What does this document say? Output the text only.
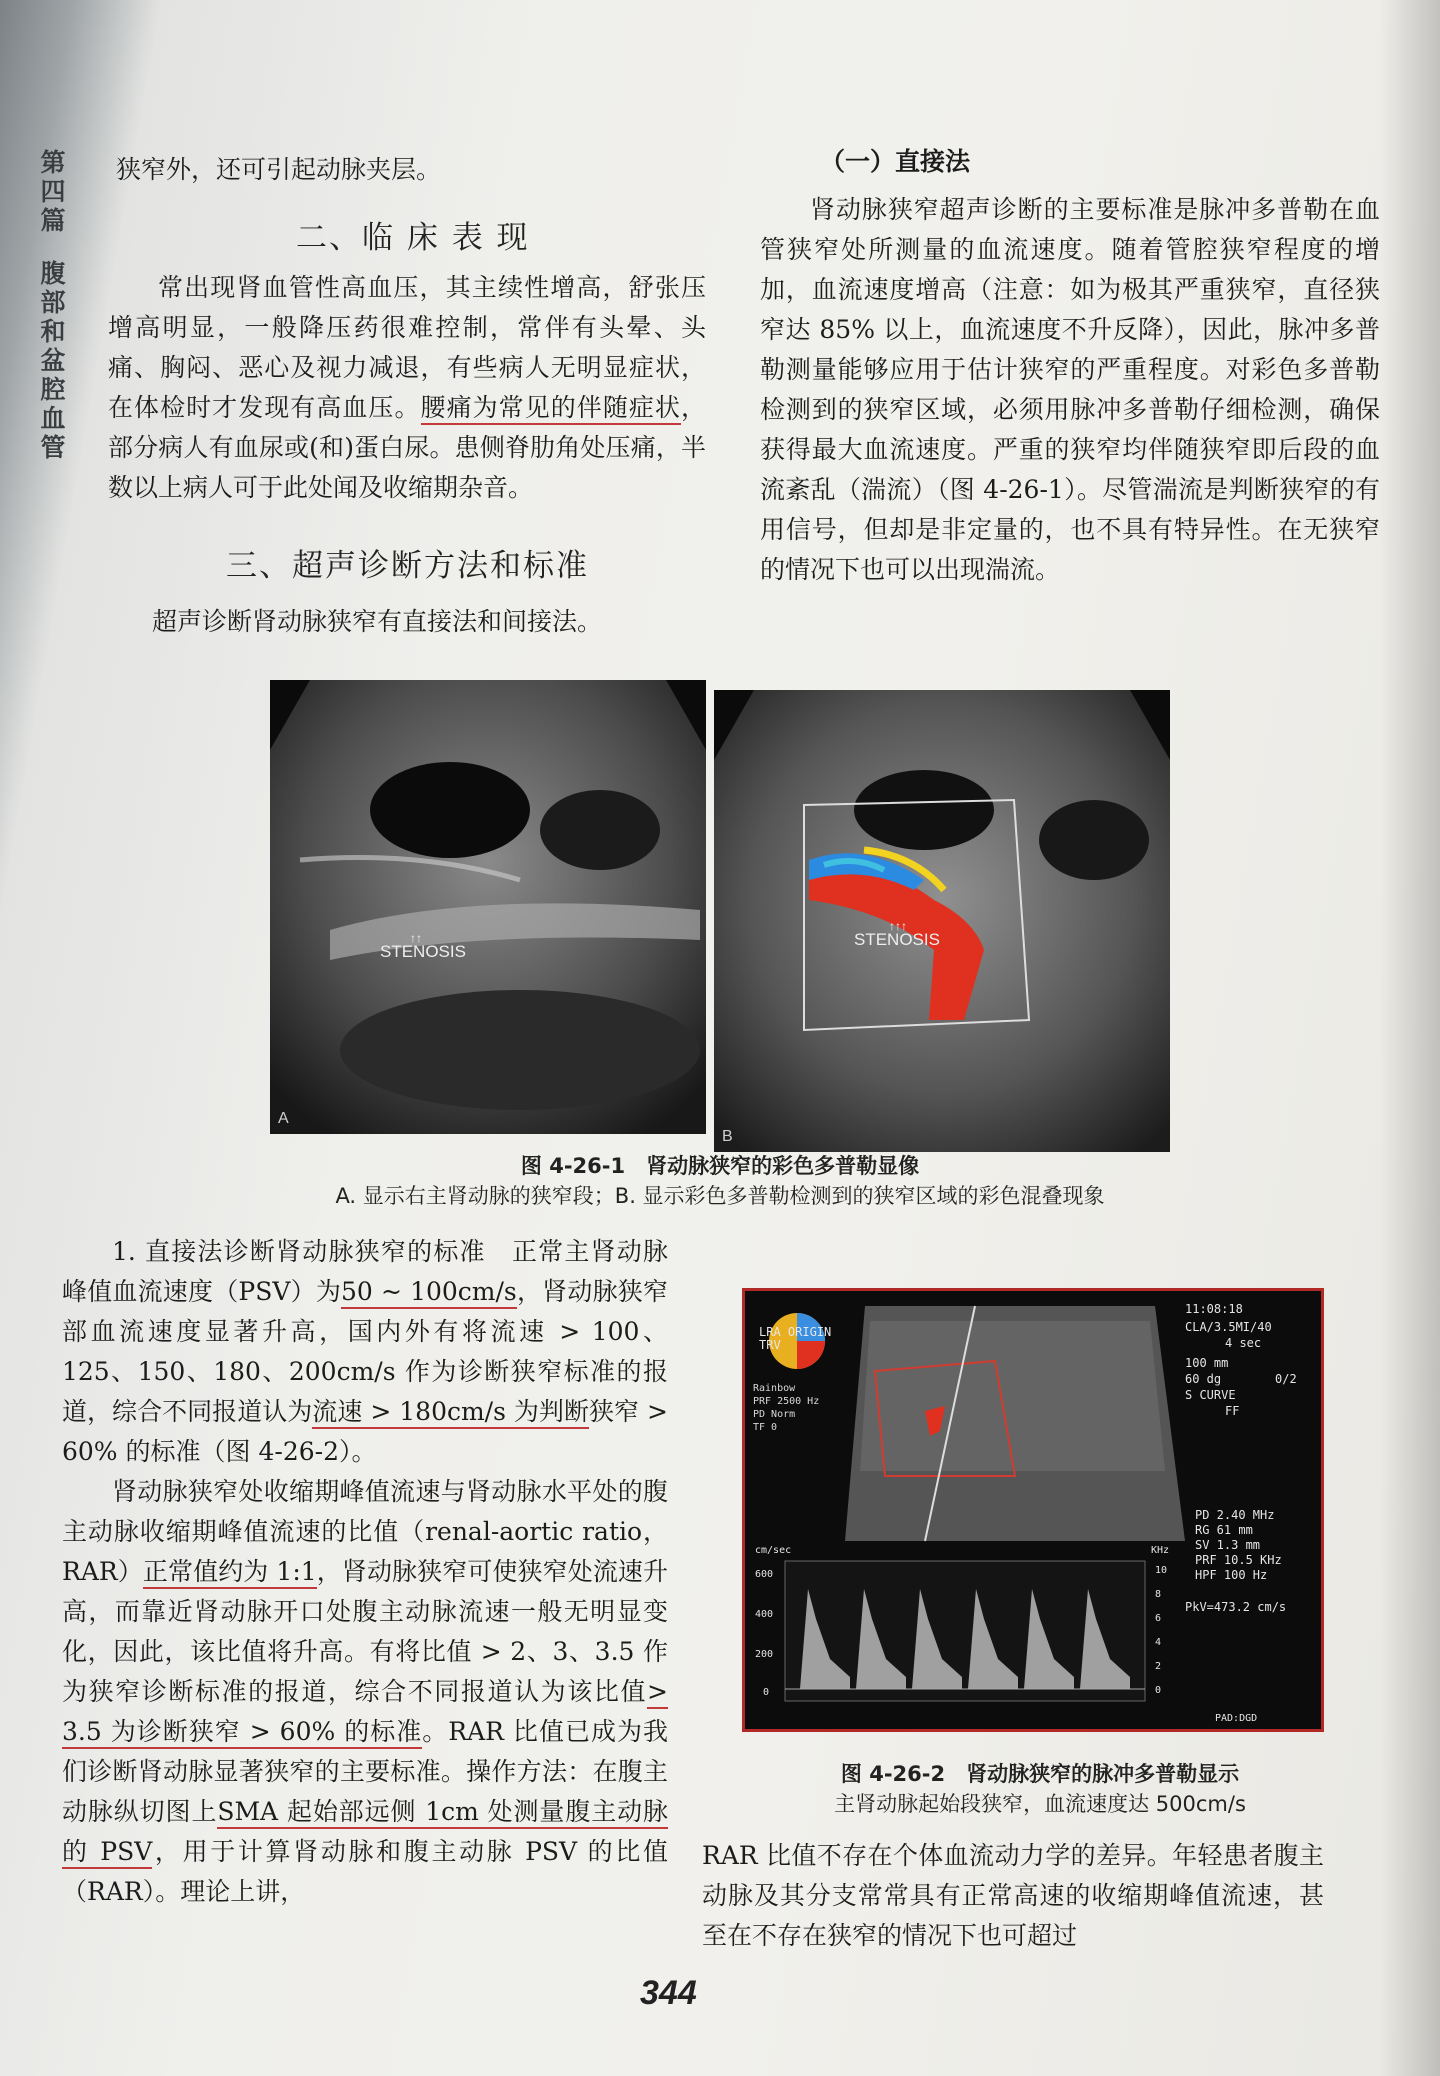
第
四
篇
腹
部
和
盆
腔
血
管
狭窄外，还可引起动脉夹层。
二、临 床 表 现

常出现肾血管性高血压，其主续性增高，舒张压增高明显，一般降压药很难控制，常伴有头晕、头痛、胸闷、恶心及视力减退，有些病人无明显症状，在体检时才发现有高血压。腰痛为常见的伴随症状，部分病人有血尿或(和)蛋白尿。患侧脊肋角处压痛，半数以上病人可于此处闻及收缩期杂音。

三、超声诊断方法和标准
超声诊断肾动脉狭窄有直接法和间接法。
（一）直接法

肾动脉狭窄超声诊断的主要标准是脉冲多普勒在血管狭窄处所测量的血流速度。随着管腔狭窄程度的增加，血流速度增高（注意：如为极其严重狭窄，直径狭窄达 85% 以上，血流速度不升反降），因此，脉冲多普勒测量能够应用于估计狭窄的严重程度。对彩色多普勒检测到的狭窄区域，必须用脉冲多普勒仔细检测，确保获得最大血流速度。严重的狭窄均伴随狭窄即后段的血流紊乱（湍流）（图 4-26-1）。尽管湍流是判断狭窄的有用信号，但却是非定量的，也不具有特异性。在无狭窄的情况下也可以出现湍流。

STENOSIS
↑↑
A
STENOSIS
↑↑↑
B
图 4-26-1　肾动脉狭窄的彩色多普勒显像
A. 显示右主肾动脉的狭窄段；B. 显示彩色多普勒检测到的狭窄区域的彩色混叠现象

1. 直接法诊断肾动脉狭窄的标准　正常主肾动脉峰值血流速度（PSV）为50 ~ 100cm/s，肾动脉狭窄部血流速度显著升高，国内外有将流速 > 100、125、150、180、200cm/s 作为诊断狭窄标准的报道，综合不同报道认为流速 > 180cm/s 为判断狭窄 > 60% 的标准（图 4-26-2）。

肾动脉狭窄处收缩期峰值流速与肾动脉水平处的腹主动脉收缩期峰值流速的比值（renal-aortic ratio，RAR）正常值约为 1:1，肾动脉狭窄可使狭窄处流速升高，而靠近肾动脉开口处腹主动脉流速一般无明显变化，因此，该比值将升高。有将比值 > 2、3、3.5 作为狭窄诊断标准的报道，综合不同报道认为该比值> 3.5 为诊断狭窄 > 60% 的标准。RAR 比值已成为我们诊断肾动脉显著狭窄的主要标准。操作方法：在腹主动脉纵切图上SMA 起始部远侧 1cm 处测量腹主动脉的 PSV，用于计算肾动脉和腹主动脉 PSV 的比值（RAR）。理论上讲，

LRA ORIGIN
TRV
Rainbow
PRF 2500 Hz
PD Norm
TF 0
11:08:18
CLA/3.5MI/40
4 sec
100 mm
60 dg	0/2
S CURVE
FF
PD 2.40 MHz
RG 61 mm
SV 1.3 mm
PRF 10.5 KHz
HPF 100 Hz
PkV=473.2 cm/s
cm/sec
600
400
200
0
KHz
10
8
6
4
2
0
PAD:DGD
图 4-26-2　肾动脉狭窄的脉冲多普勒显示
主肾动脉起始段狭窄，血流速度达 500cm/s

RAR 比值不存在个体血流动力学的差异。年轻患者腹主动脉及其分支常常具有正常高速的收缩期峰值流速，甚至在不存在狭窄的情况下也可超过

344
